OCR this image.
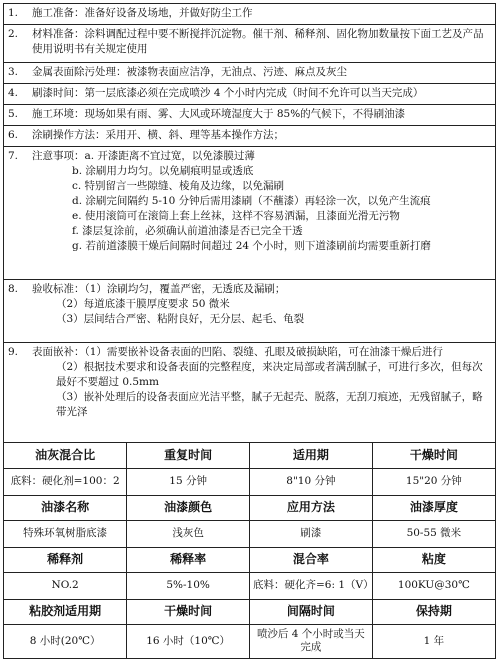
1.	施工准备：准备好设备及场地，并做好防尘工作
2.	材料准备：涂料调配过程中要不断搅拌沉淀物。催干剂、稀释剂、固化物加数量按下面工艺及产品使用说明书有关规定使用
3.	金属表面除污处理：被漆物表面应洁净，无油点、污迹、麻点及灰尘
4.	刷漆时间：第一层底漆必须在完成喷沙 4 个小时内完成（时间不允许可以当天完成）
5.	施工环境：现场如果有雨、雾、大风或环境湿度大于 85%的气候下，不得刷油漆
6.	涂刷操作方法：采用开、横、斜、理等基本操作方法；
7.	注意事项：a. 开漆距离不宜过宽，以免漆膜过薄
b. 涂刷用力均匀。以免刷痕明显或透底
c. 特别留言一些隙缝、棱角及边缘，以免漏刷
d. 涂刷完间隔约 5-10 分钟后需用漆刷（不蘸漆）再轻涂一次，以免产生流痕
e. 使用滚筒可在滚筒上套上丝袜，这样不容易洒漏，且漆面光滑无污物
f. 漆层复涂前，必须确认前道油漆是否已完全干透
g. 若前道漆膜干燥后间隔时间超过 24 个小时，则下道漆刷前均需要重新打磨
8.	验收标准：（1）涂刷均匀，覆盖严密，无透底及漏刷；
（2）每道底漆干膜厚度要求 50 微米
（3）层间结合严密、粘附良好，无分层、起毛、龟裂
9.	表面嵌补：（1）需要嵌补设备表面的凹陷、裂缝、孔眼及破损缺陷，可在油漆干燥后进行
（2）根据技术要求和设备表面的完整程度，来决定局部或者满刮腻子，可进行多次，但每次最好不要超过 0.5mm
（3）嵌补处理后的设备表面应光洁平整，腻子无起壳、脱落，无刮刀痕迹，无残留腻子，略带光泽
油灰混合比	重复时间	适用期	干燥时间
底料：硬化剂=100：2	15 分钟	8"10 分钟	15"20 分钟
油漆名称	油漆颜色	应用方法	油漆厚度
特殊环氧树脂底漆	浅灰色	刷漆	50-55 微米
稀释剂	稀释率	混合率	粘度
NO.2	5%-10%	底料：硬化齐=6: 1（V）	100KU@30℃
粘胶剂适用期	干燥时间	间隔时间	保持期
8 小时(20℃）	16 小时（10℃）	喷沙后 4 个小时或当天完成	1 年
